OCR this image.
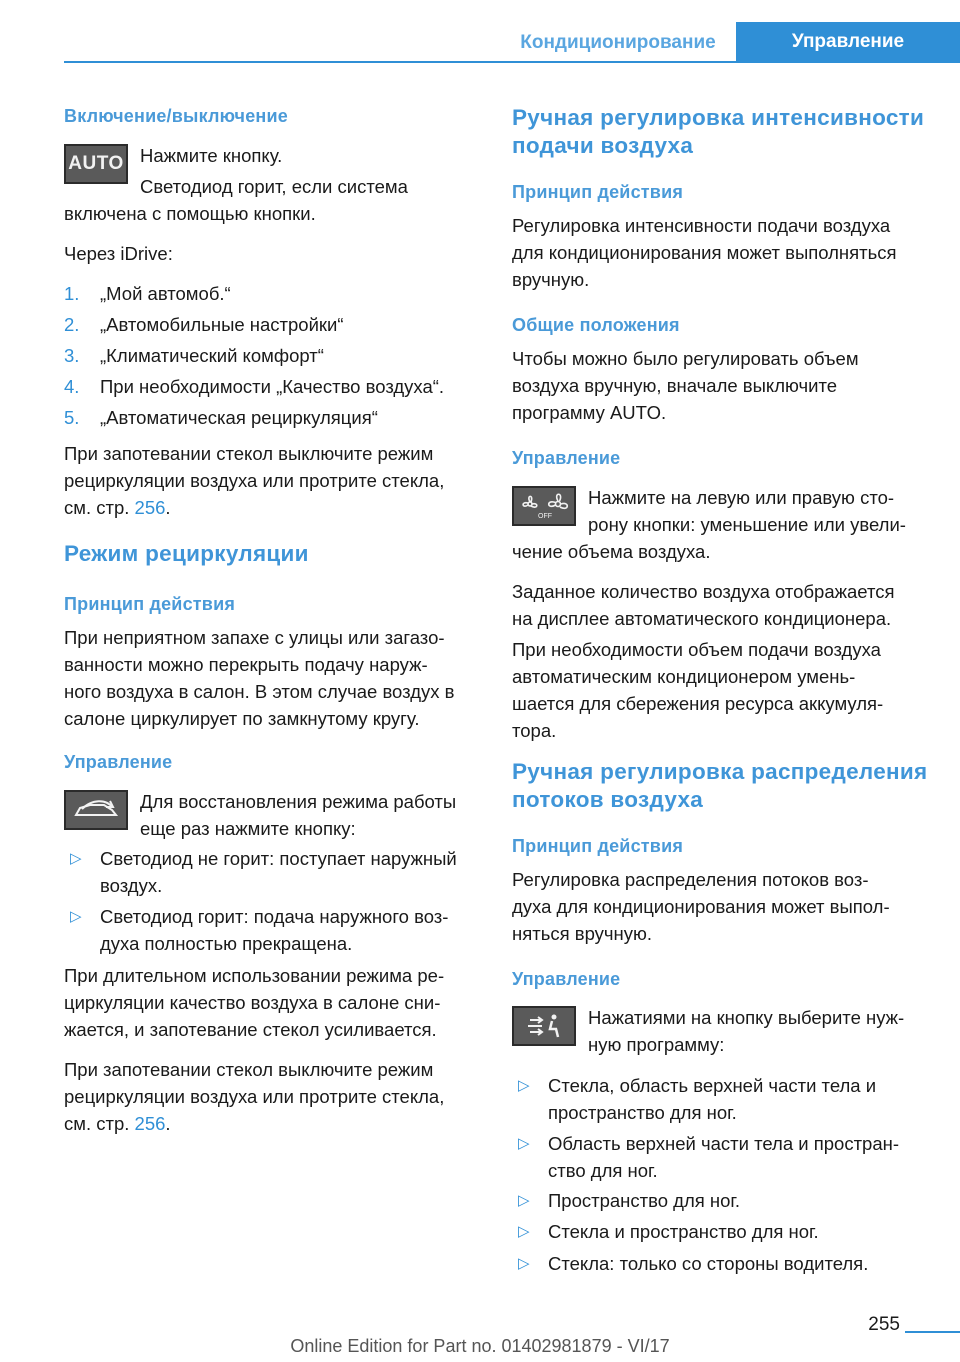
Кондиционирование	Управление
Включение/выключение
AUTO Нажмите кнопку.
Светодиод горит, если система
включена с помощью кнопки.
Через iDrive:
1. „Мой автомоб.“
2. „Автомобильные настройки“
3. „Климатический комфорт“
4. При необходимости „Качество воздуха“.
5. „Автоматическая рециркуляция“
При запотевании стекол выключите режим
рециркуляции воздуха или протрите стекла,
см. стр. 256.
Режим рециркуляции
Принцип действия
При неприятном запахе с улицы или загазо-
ванности можно перекрыть подачу наруж-
ного воздуха в салон. В этом случае воздух в
салоне циркулирует по замкнутому кругу.
Управление
Для восстановления режима работы
еще раз нажмите кнопку:
▷ Светодиод не горит: поступает наружный
воздух.
▷ Светодиод горит: подача наружного воз-
духа полностью прекращена.
При длительном использовании режима ре-
циркуляции качество воздуха в салоне сни-
жается, и запотевание стекол усиливается.
При запотевании стекол выключите режим
рециркуляции воздуха или протрите стекла,
см. стр. 256.
Ручная регулировка интенсивности
подачи воздуха
Принцип действия
Регулировка интенсивности подачи воздуха
для кондиционирования может выполняться
вручную.
Общие положения
Чтобы можно было регулировать объем
воздуха вручную, вначале выключите
программу AUTO.
Управление
OFF
Нажмите на левую или правую сто-
рону кнопки: уменьшение или увели-
чение объема воздуха.
Заданное количество воздуха отображается
на дисплее автоматического кондиционера.
При необходимости объем подачи воздуха
автоматическим кондиционером умень-
шается для сбережения ресурса аккумуля-
тора.
Ручная регулировка распределения
потоков воздуха
Принцип действия
Регулировка распределения потоков воз-
духа для кондиционирования может выпол-
няться вручную.
Управление
Нажатиями на кнопку выберите нуж-
ную программу:
▷ Стекла, область верхней части тела и
пространство для ног.
▷ Область верхней части тела и простран-
ство для ног.
▷ Пространство для ног.
▷ Стекла и пространство для ног.
▷ Стекла: только со стороны водителя.
255
Online Edition for Part no. 01402981879 - VI/17
